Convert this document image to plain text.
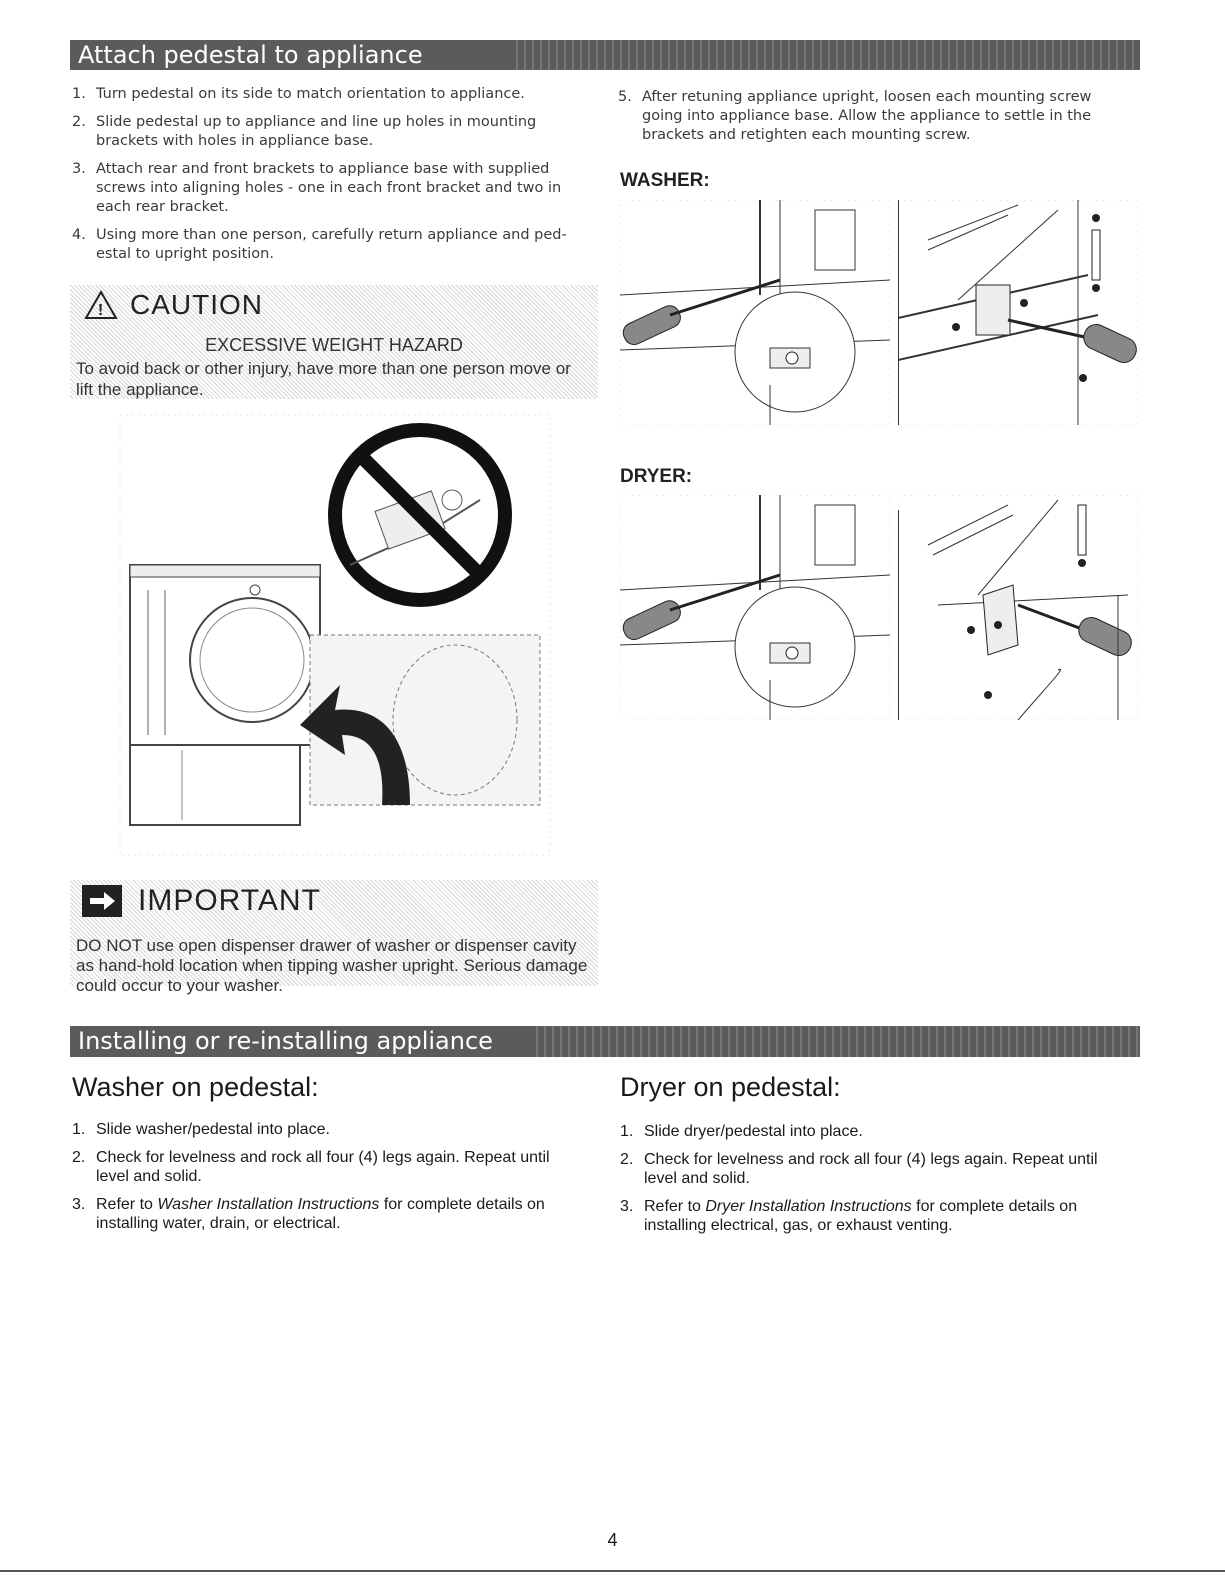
Attach pedestal to appliance
1. Turn pedestal on its side to match orientation to appliance.
2. Slide pedestal up to appliance and line up holes in mounting brackets with holes in appliance base.
3. Attach rear and front brackets to appliance base with supplied screws into aligning holes - one in each front bracket and two in each rear bracket.
4. Using more than one person, carefully return appliance and ped-estal to upright position.
5. After retuning appliance upright, loosen each mounting screw going into appliance base. Allow the appliance to settle in the brackets and retighten each mounting screw.
! CAUTION
EXCESSIVE WEIGHT HAZARD
To avoid back or other injury, have more than one person move or lift the appliance.
IMPORTANT
DO NOT use open dispenser drawer of washer or dispenser cavity as hand-hold location when tipping washer upright. Serious damage could occur to your washer.
WASHER:
DRYER:
Installing or re-installing appliance
Washer on pedestal:
1. Slide washer/pedestal into place.
2. Check for levelness and rock all four (4) legs again. Repeat until level and solid.
3. Refer to Washer Installation Instructions for complete details on installing water, drain, or electrical.
Dryer on pedestal:
1. Slide dryer/pedestal into place.
2. Check for levelness and rock all four (4) legs again. Repeat until level and solid.
3. Refer to Dryer Installation Instructions for complete details on installing electrical, gas, or exhaust venting.
4
